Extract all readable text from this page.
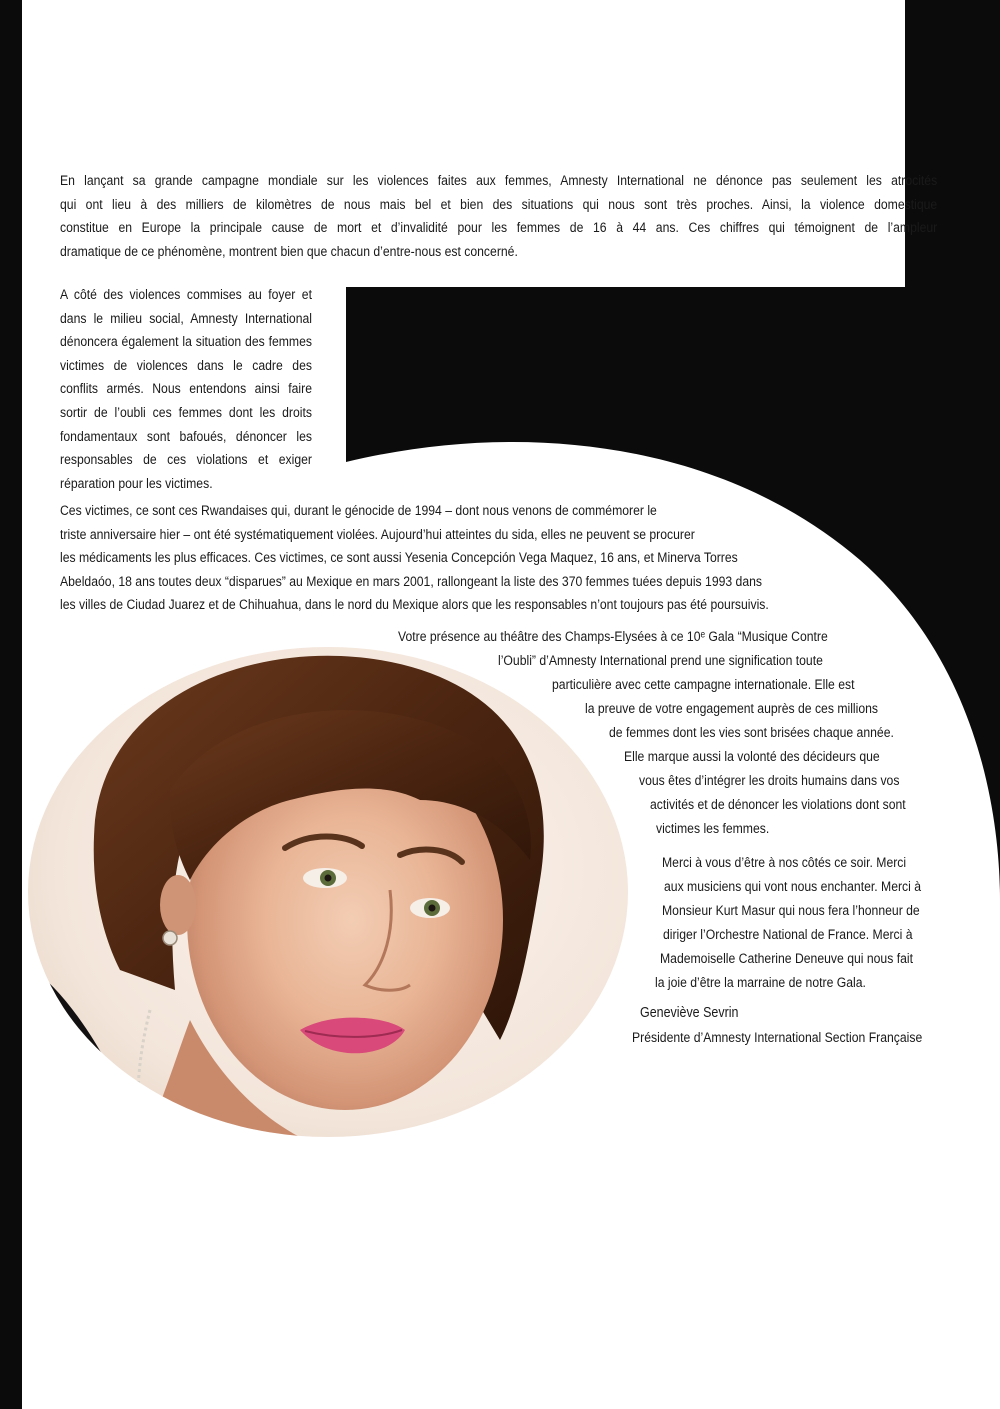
En lançant sa grande campagne mondiale sur les violences faites aux femmes, Amnesty International ne dénonce pas seulement les atrocités
qui ont lieu à des milliers de kilomètres de nous mais bel et bien des situations qui nous sont très proches. Ainsi, la violence domestique
constitue en Europe la principale cause de mort et d’invalidité pour les femmes de 16 à 44 ans. Ces chiffres qui témoignent de l’ampleur
dramatique de ce phénomène, montrent bien que chacun d’entre-nous est concerné.
A côté des violences commises au foyer et
dans le milieu social, Amnesty International
dénoncera également la situation des femmes
victimes de violences dans le cadre des
conflits armés. Nous entendons ainsi faire
sortir de l’oubli ces femmes dont les droits
fondamentaux sont bafoués, dénoncer les
responsables de ces violations et exiger
réparation pour les victimes.
Ces victimes, ce sont ces Rwandaises qui, durant le génocide de 1994 – dont nous venons de commémorer le
triste anniversaire hier – ont été systématiquement violées. Aujourd’hui atteintes du sida, elles ne peuvent se procurer
les médicaments les plus efficaces. Ces victimes, ce sont aussi Yesenia Concepción Vega Maquez, 16 ans, et Minerva Torres
Abeldaóo, 18 ans toutes deux “disparues” au Mexique en mars 2001, rallongeant la liste des 370 femmes tuées depuis 1993 dans
les villes de Ciudad Juarez et de Chihuahua, dans le nord du Mexique alors que les responsables n’ont toujours pas été poursuivis.

Votre présence au théâtre des Champs-Elysées à ce 10ᵉ Gala “Musique Contre

l’Oubli” d’Amnesty International prend une signification toute

particulière avec cette campagne internationale. Elle est

la preuve de votre engagement auprès de ces millions

de femmes dont les vies sont brisées chaque année.

Elle marque aussi la volonté des décideurs que

vous êtes d’intégrer les droits humains dans vos

activités et de dénoncer les violations dont sont

victimes les femmes.

Merci à vous d’être à nos côtés ce soir. Merci

aux musiciens qui vont nous enchanter. Merci à

Monsieur Kurt Masur qui nous fera l’honneur de

diriger l’Orchestre National de France. Merci à

Mademoiselle Catherine Deneuve qui nous fait

la joie d’être la marraine de notre Gala.

Geneviève Sevrin

Présidente d’Amnesty International Section Française
